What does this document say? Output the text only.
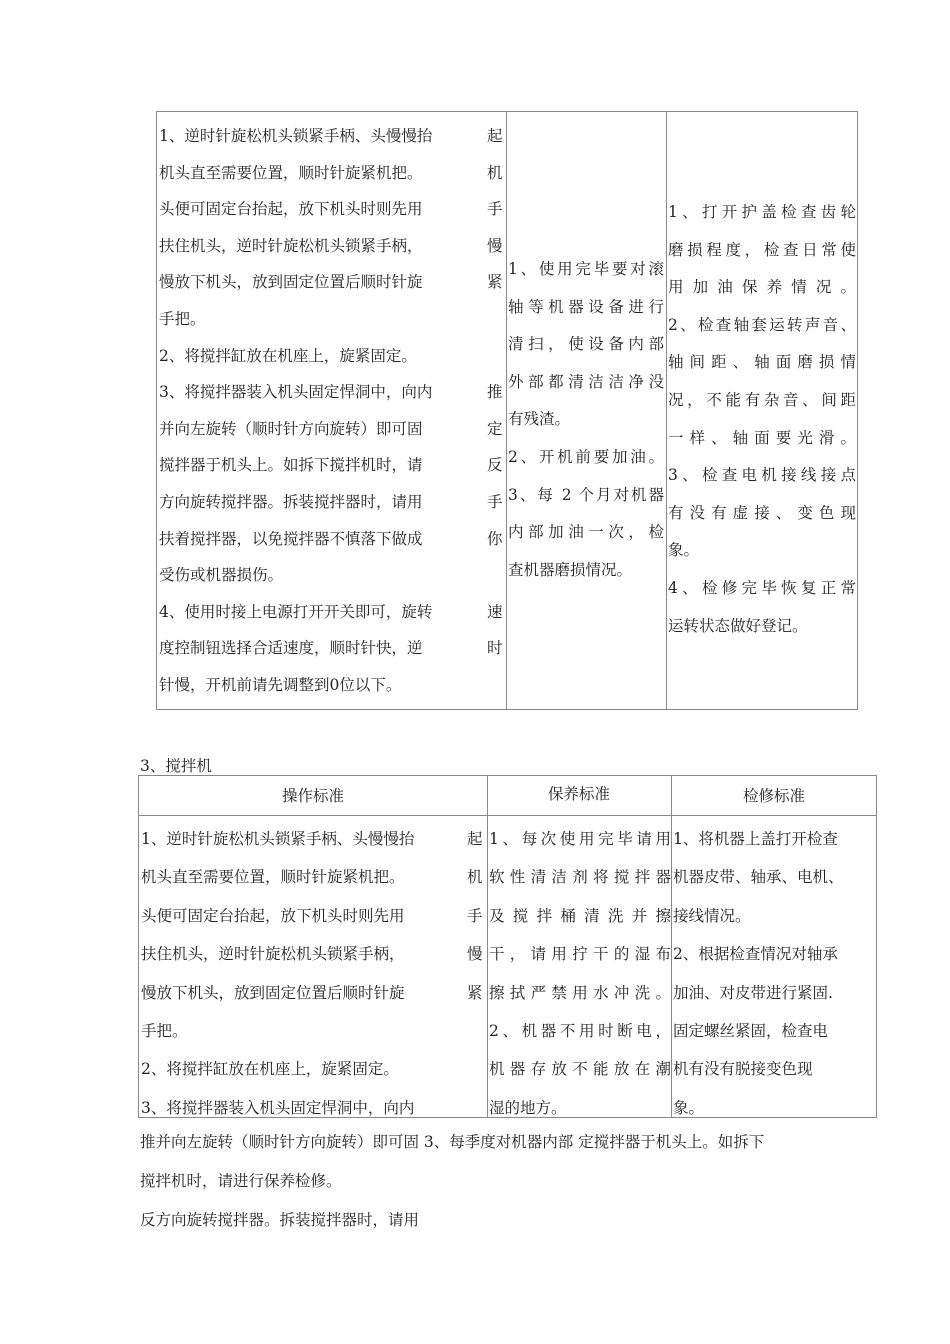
1、逆时针旋松机头锁紧手柄、头慢慢抬
机头直至需要位置，顺时针旋紧机把。
头便可固定台抬起，放下机头时则先用
扶住机头，逆时针旋松机头锁紧手柄，
慢放下机头，放到固定位置后顺时针旋
手把。
2、将搅拌缸放在机座上，旋紧固定。
3、将搅拌器装入机头固定悍洞中，向内
并向左旋转（顺时针方向旋转）即可固
搅拌器于机头上。如拆下搅拌机时，请
方向旋转搅拌器。拆装搅拌器时，请用
扶着搅拌器，以免搅拌器不慎落下做成
受伤或机器损伤。
4、使用时接上电源打开开关即可，旋转
度控制钮选择合适速度，顺时针快，逆
针慢，开机前请先调整到0位以下。
起
机
手
慢
紧
推
定
反
手
你
速
时
1、使用完毕要对滚
轴等机器设备进行
清扫，使设备内部
外部都清洁洁净没
有残渣。
2、开机前要加油。
3、每 2 个月对机器
内部加油一次，检
查机器磨损情况。
1、打开护盖检查齿轮
磨损程度，检查日常使
用加油保养情况。
2、检查轴套运转声音、
轴间距、轴面磨损情
况，不能有杂音、间距
一样、轴面要光滑。
3、检查电机接线接点
有没有虚接、变色现
象。
4、检修完毕恢复正常
运转状态做好登记。
3、搅拌机
操作标准	保养标准	检修标准
1、逆时针旋松机头锁紧手柄、头慢慢抬
机头直至需要位置，顺时针旋紧机把。
头便可固定台抬起，放下机头时则先用
扶住机头，逆时针旋松机头锁紧手柄，
慢放下机头，放到固定位置后顺时针旋
手把。
2、将搅拌缸放在机座上，旋紧固定。
3、将搅拌器装入机头固定悍洞中，向内
起
机
手
慢
紧
1、每次使用完毕请用
软性清洁剂将搅拌器
及 搅 拌 桶 清 洗 并 擦
干，请用拧干的湿布
擦拭严禁用水冲洗。
2、机器不用时断电，
机器存放不能放在潮
湿的地方。
1、将机器上盖打开检查
机器皮带、轴承、电机、
接线情况。
2、根据检查情况对轴承
加油、对皮带进行紧固.
固定螺丝紧固，检查电
机有没有脱接变色现
象。
推并向左旋转（顺时针方向旋转）即可固 3、每季度对机器内部 定搅拌器于机头上。如拆下
搅拌机时，请进行保养检修。
反方向旋转搅拌器。拆装搅拌器时，请用
